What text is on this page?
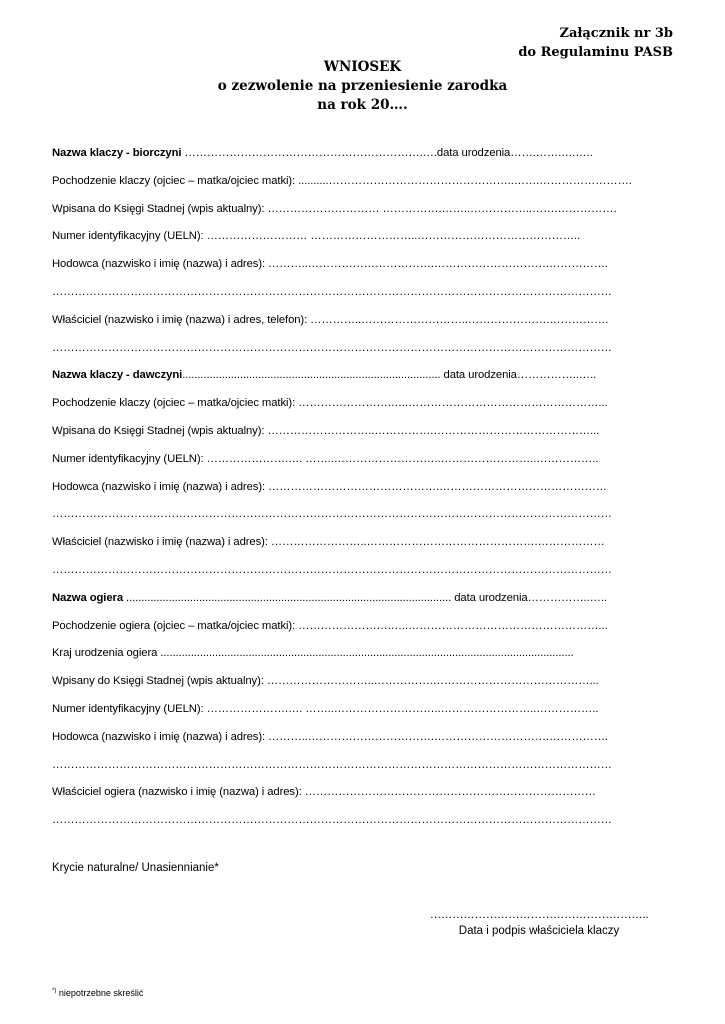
Załącznik nr 3b
do Regulaminu PASB
WNIOSEK
o zezwolenie na przeniesienie zarodka
na rok 20….
Nazwa klaczy - biorczyni ……………………………………………………….….data urodzenia…….…….….…..
Pochodzenie klaczy (ojciec – matka/ojciec matki): ..........…………………………………………..…….…………………….
Wpisana do Księgi Stadnej (wpis aktualny): ………………………… …………….……..……………..…….…………….
Numer identyfikacyjny (UELN): ……………………… ………………………..……………………………………..
Hodowca (nazwisko i imię (nazwa) i adres): ………..…………………………….………………………….…………….
……………………………………………………………………………………………………………………………………
Właściciel (nazwisko i imię (nazwa) i adres, telefon): …………..………………………..………………….…………….
……………………………………………………………………………………………………………………………………
Nazwa klaczy - dawczyni..................................................................................... data urodzenia……………..…..
Pochodzenie klaczy (ojciec – matka/ojciec matki): …………………….…..……………………………………………...
Wpisana do Księgi Stadnej (wpis aktualny): ………………………..…………….……………………………………...
Numer identyfikacyjny (UELN): ………………….…. ……..………………………..……………………..……………..
Hodowca (nazwisko i imię (nazwa) i adres): ……………………………………….………………………………………
……………………………………………………………………………………………………………………………………
Właściciel (nazwisko i imię (nazwa) i adres): ……………………..……………………………………….………………
……………………………………………………………………………………………………………………………………
Nazwa ogiera ........................................................................................................... data urodzenia……………..…..
Pochodzenie ogiera (ojciec – matka/ojciec matki): …………………….…..……………………………………………...
Kraj urodzenia ogiera ........................................................................................................................................
Wpisany do Księgi Stadnej (wpis aktualny): ………………………..…………….……………………………………...
Numer identyfikacyjny (UELN): ………………….…. ……..………………………..……………………..……………..
Hodowca (nazwisko i imię (nazwa) i adres): ………..…………………………….………………………….…………….
……………………………………………………………………………………………………………………………………
Właściciel ogiera (nazwisko i imię (nazwa) i adres): ……………………………………………………………………
……………………………………………………………………………………………………………………………………
Krycie naturalne/ Unasiennianie*
…………………………………………………..
Data i podpis właściciela klaczy
*) niepotrzebne skreślić
